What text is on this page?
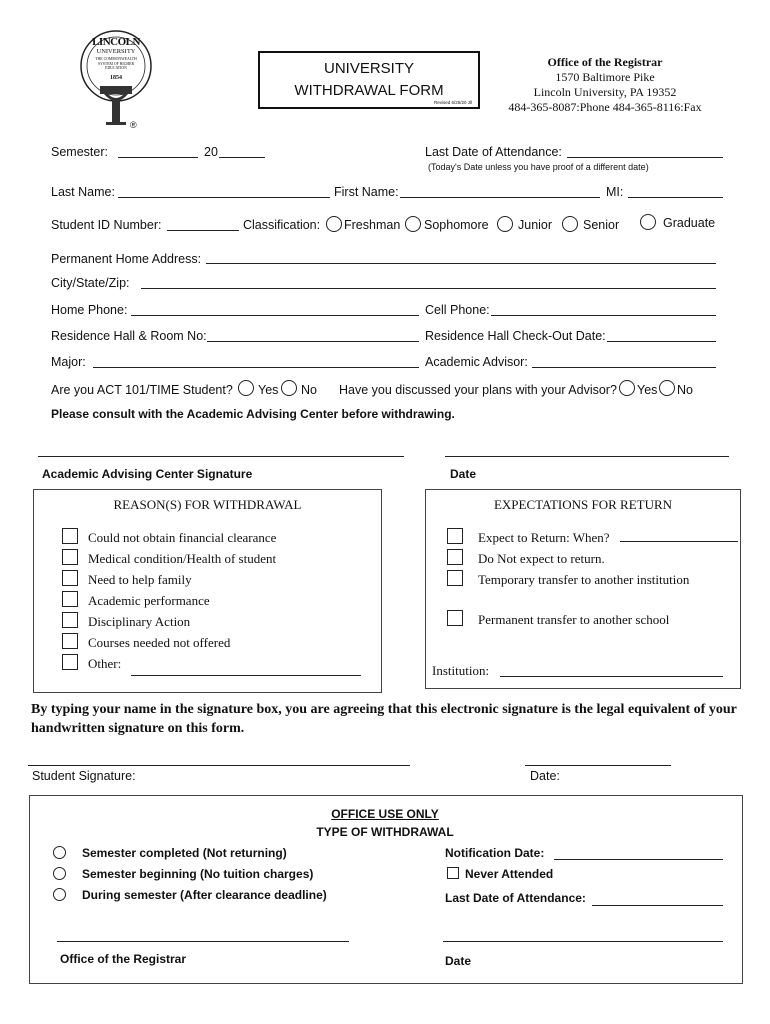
LINCOLN
UNIVERSITY
THE COMMONWEALTH SYSTEM OF HIGHER EDUCATION
1854
®
UNIVERSITY
WITHDRAWAL FORM
Revised 6/25/20 Jll
Office of the Registrar
1570 Baltimore Pike
Lincoln University, PA 19352
484-365-8087:Phone 484-365-8116:Fax
Semester:	20	Last Date of Attendance:
(Today's Date unless you have proof of a different date)
Last Name:	First Name:	MI:
Student ID Number:	Classification: Freshman Sophomore Junior Senior	Graduate
Permanent Home Address:
City/State/Zip:
Home Phone:	Cell Phone:
Residence Hall & Room No:	Residence Hall Check-Out Date:
Major:	Academic Advisor:
Are you ACT 101/TIME Student? Yes No Have you discussed your plans with your Advisor? Yes No
Please consult with the Academic Advising Center before withdrawing.
Academic Advising Center Signature	Date
REASON(S) FOR WITHDRAWAL
Could not obtain financial clearance
Medical condition/Health of student
Need to help family
Academic performance
Disciplinary Action
Courses needed not offered
Other:
EXPECTATIONS FOR RETURN
Expect to Return: When?
Do Not expect to return.
Temporary transfer to another institution
Permanent transfer to another school
Institution:
By typing your name in the signature box, you are agreeing that this electronic signature is the legal equivalent of your handwritten signature on this form.
Student Signature:	Date:
OFFICE USE ONLY
TYPE OF WITHDRAWAL
Semester completed (Not returning)
Semester beginning (No tuition charges)
During semester (After clearance deadline)
Notification Date:
Never Attended
Last Date of Attendance:
Office of the Registrar	Date
